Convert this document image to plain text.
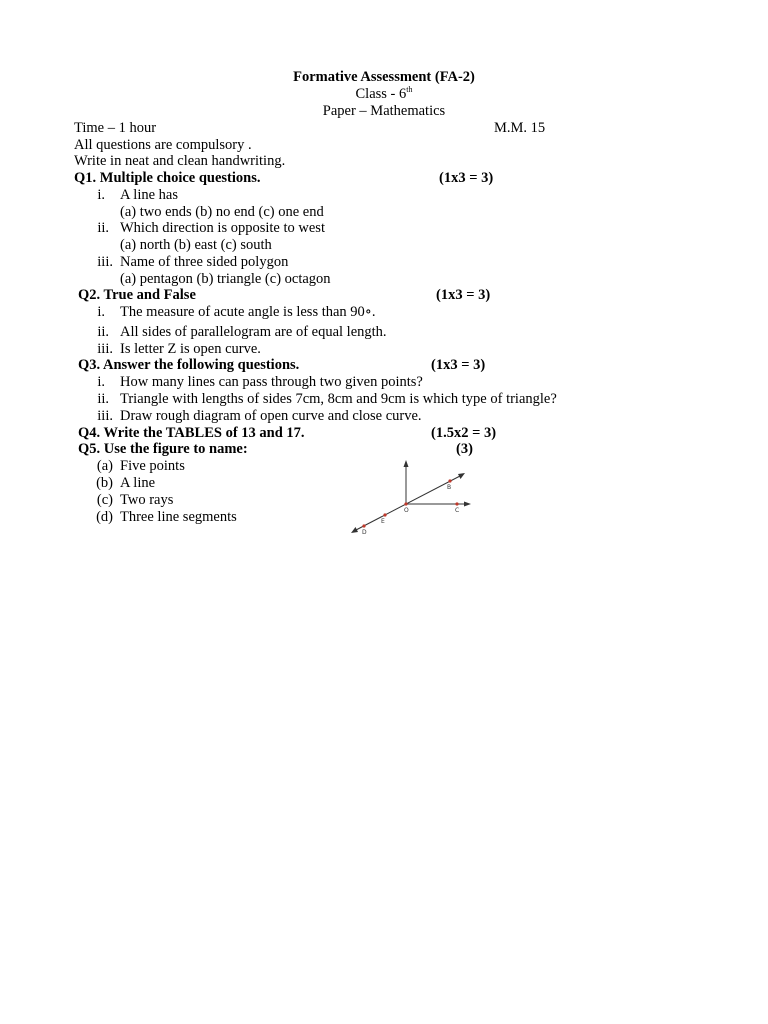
Formative Assessment (FA-2)
Class - 6th
Paper – Mathematics
Time – 1 hour	M.M. 15
All questions are compulsory .
Write in neat and clean handwriting.
Q1. Multiple choice questions.	(1x3 = 3)
i. A line has
(a) two ends (b) no end (c) one end
ii. Which direction is opposite to west
(a) north (b) east (c) south
iii. Name of three sided polygon
(a) pentagon (b) triangle (c) octagon
Q2. True and False	(1x3 = 3)
i. The measure of acute angle is less than 90∘.
ii. All sides of parallelogram are of equal length.
iii. Is letter Z is open curve.
Q3. Answer the following questions.	(1x3 = 3)
i. How many lines can pass through two given points?
ii. Triangle with lengths of sides 7cm, 8cm and 9cm is which type of triangle?
iii. Draw rough diagram of open curve and close curve.
Q4. Write the TABLES of 13 and 17.	(1.5x2 = 3)
Q5. Use the figure to name:	(3)
(a) Five points
(b) A line
(c) Two rays
(d) Three line segments
B
O	C
E
D
